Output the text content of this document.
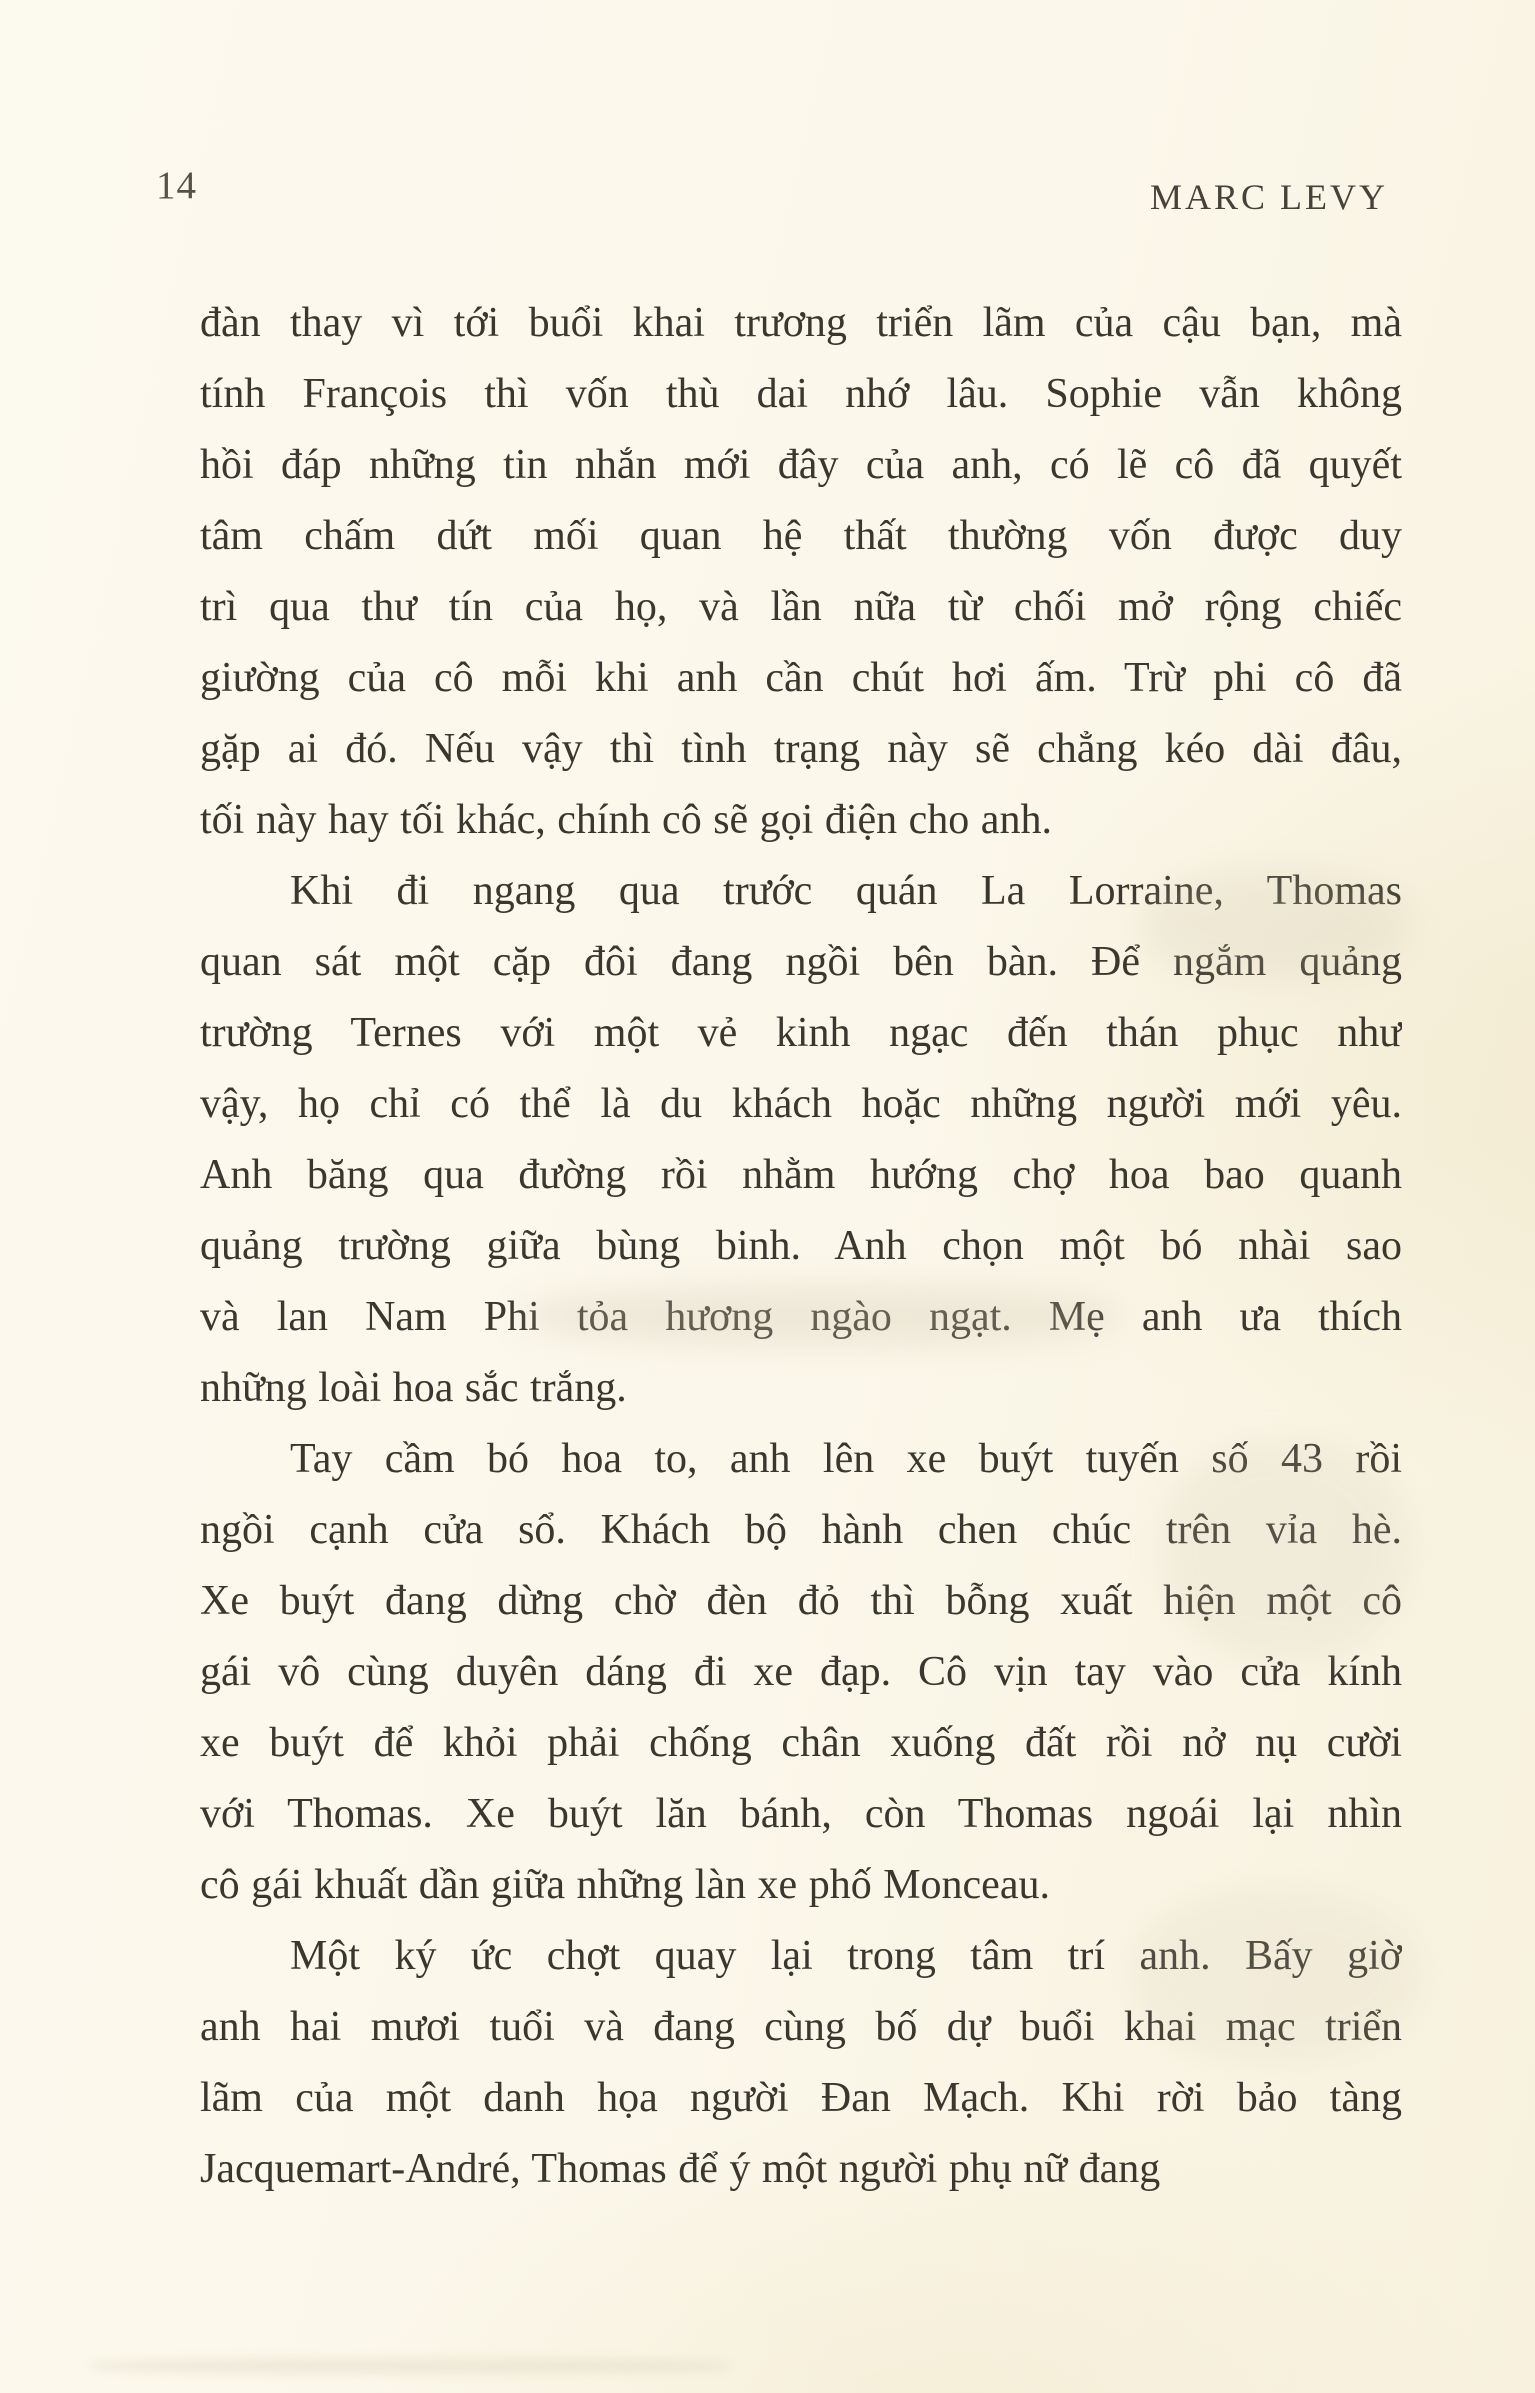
14	MARC LEVY
đàn thay vì tới buổi khai trương triển lãm của cậu bạn, mà
tính François thì vốn thù dai nhớ lâu. Sophie vẫn không
hồi đáp những tin nhắn mới đây của anh, có lẽ cô đã quyết
tâm chấm dứt mối quan hệ thất thường vốn được duy
trì qua thư tín của họ, và lần nữa từ chối mở rộng chiếc
giường của cô mỗi khi anh cần chút hơi ấm. Trừ phi cô đã
gặp ai đó. Nếu vậy thì tình trạng này sẽ chẳng kéo dài đâu,
tối này hay tối khác, chính cô sẽ gọi điện cho anh.
Khi đi ngang qua trước quán La Lorraine, Thomas
quan sát một cặp đôi đang ngồi bên bàn. Để ngắm quảng
trường Ternes với một vẻ kinh ngạc đến thán phục như
vậy, họ chỉ có thể là du khách hoặc những người mới yêu.
Anh băng qua đường rồi nhằm hướng chợ hoa bao quanh
quảng trường giữa bùng binh. Anh chọn một bó nhài sao
và lan Nam Phi tỏa hương ngào ngạt. Mẹ anh ưa thích
những loài hoa sắc trắng.
Tay cầm bó hoa to, anh lên xe buýt tuyến số 43 rồi
ngồi cạnh cửa sổ. Khách bộ hành chen chúc trên vỉa hè.
Xe buýt đang dừng chờ đèn đỏ thì bỗng xuất hiện một cô
gái vô cùng duyên dáng đi xe đạp. Cô vịn tay vào cửa kính
xe buýt để khỏi phải chống chân xuống đất rồi nở nụ cười
với Thomas. Xe buýt lăn bánh, còn Thomas ngoái lại nhìn
cô gái khuất dần giữa những làn xe phố Monceau.
Một ký ức chợt quay lại trong tâm trí anh. Bấy giờ
anh hai mươi tuổi và đang cùng bố dự buổi khai mạc triển
lãm của một danh họa người Đan Mạch. Khi rời bảo tàng
Jacquemart-André, Thomas để ý một người phụ nữ đang
